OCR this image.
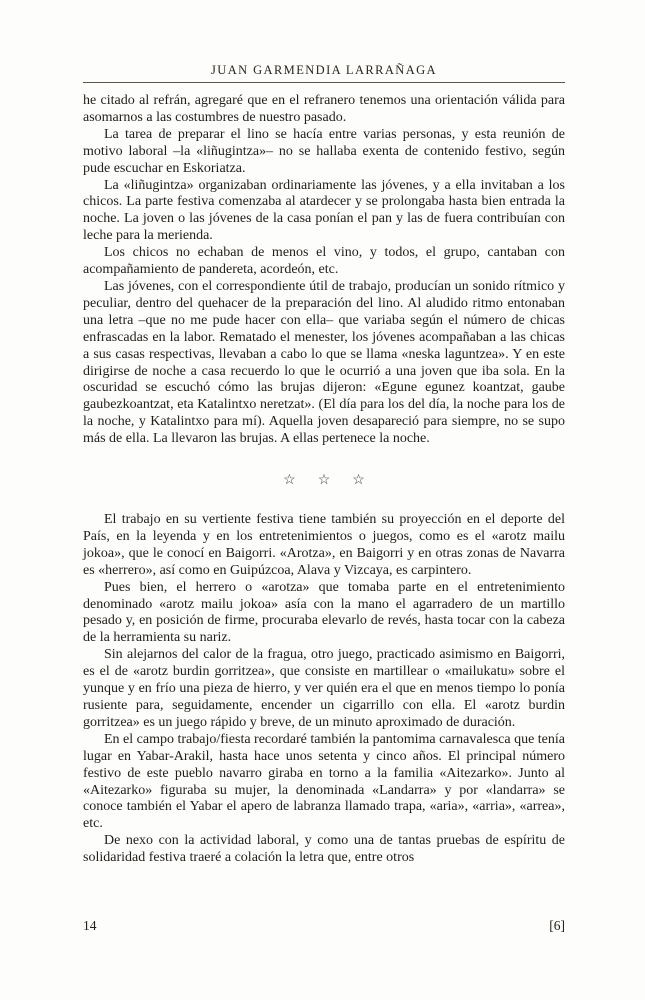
JUAN GARMENDIA LARRAÑAGA

he citado al refrán, agregaré que en el refranero tenemos una orientación válida para asomarnos a las costumbres de nuestro pasado.

La tarea de preparar el lino se hacía entre varias personas, y esta reunión de motivo laboral –la «liñugintza»– no se hallaba exenta de contenido festivo, según pude escuchar en Eskoriatza.

La «liñugintza» organizaban ordinariamente las jóvenes, y a ella invitaban a los chicos. La parte festiva comenzaba al atardecer y se prolongaba hasta bien entrada la noche. La joven o las jóvenes de la casa ponían el pan y las de fuera contribuían con leche para la merienda.

Los chicos no echaban de menos el vino, y todos, el grupo, cantaban con acompañamiento de pandereta, acordeón, etc.

Las jóvenes, con el correspondiente útil de trabajo, producían un sonido rítmico y peculiar, dentro del quehacer de la preparación del lino. Al aludido ritmo entonaban una letra –que no me pude hacer con ella– que variaba según el número de chicas enfrascadas en la labor. Rematado el menester, los jóvenes acompañaban a las chicas a sus casas respectivas, llevaban a cabo lo que se llama «neska laguntzea». Y en este dirigirse de noche a casa recuerdo lo que le ocurrió a una joven que iba sola. En la oscuridad se escuchó cómo las brujas dijeron: «Egune egunez koantzat, gaube gaubezkoantzat, eta Katalintxo neretzat». (El día para los del día, la noche para los de la noche, y Katalintxo para mí). Aquella joven desapareció para siempre, no se supo más de ella. La llevaron las brujas. A ellas pertenece la noche.

☆ ☆ ☆

El trabajo en su vertiente festiva tiene también su proyección en el deporte del País, en la leyenda y en los entretenimientos o juegos, como es el «arotz mailu jokoa», que le conocí en Baigorri. «Arotza», en Baigorri y en otras zonas de Navarra es «herrero», así como en Guipúzcoa, Alava y Vizcaya, es carpintero.

Pues bien, el herrero o «arotza» que tomaba parte en el entretenimiento denominado «arotz mailu jokoa» asía con la mano el agarradero de un martillo pesado y, en posición de firme, procuraba elevarlo de revés, hasta tocar con la cabeza de la herramienta su nariz.

Sin alejarnos del calor de la fragua, otro juego, practicado asimismo en Baigorri, es el de «arotz burdin gorritzea», que consiste en martillear o «mailukatu» sobre el yunque y en frío una pieza de hierro, y ver quién era el que en menos tiempo lo ponía rusiente para, seguidamente, encender un cigarrillo con ella. El «arotz burdin gorritzea» es un juego rápido y breve, de un minuto aproximado de duración.

En el campo trabajo/fiesta recordaré también la pantomima carnavalesca que tenía lugar en Yabar-Arakil, hasta hace unos setenta y cinco años. El principal número festivo de este pueblo navarro giraba en torno a la familia «Aitezarko». Junto al «Aitezarko» figuraba su mujer, la denominada «Landarra» y por «landarra» se conoce también el Yabar el apero de labranza llamado trapa, «aria», «arria», «arrea», etc.

De nexo con la actividad laboral, y como una de tantas pruebas de espíritu de solidaridad festiva traeré a colación la letra que, entre otros

14	[6]
